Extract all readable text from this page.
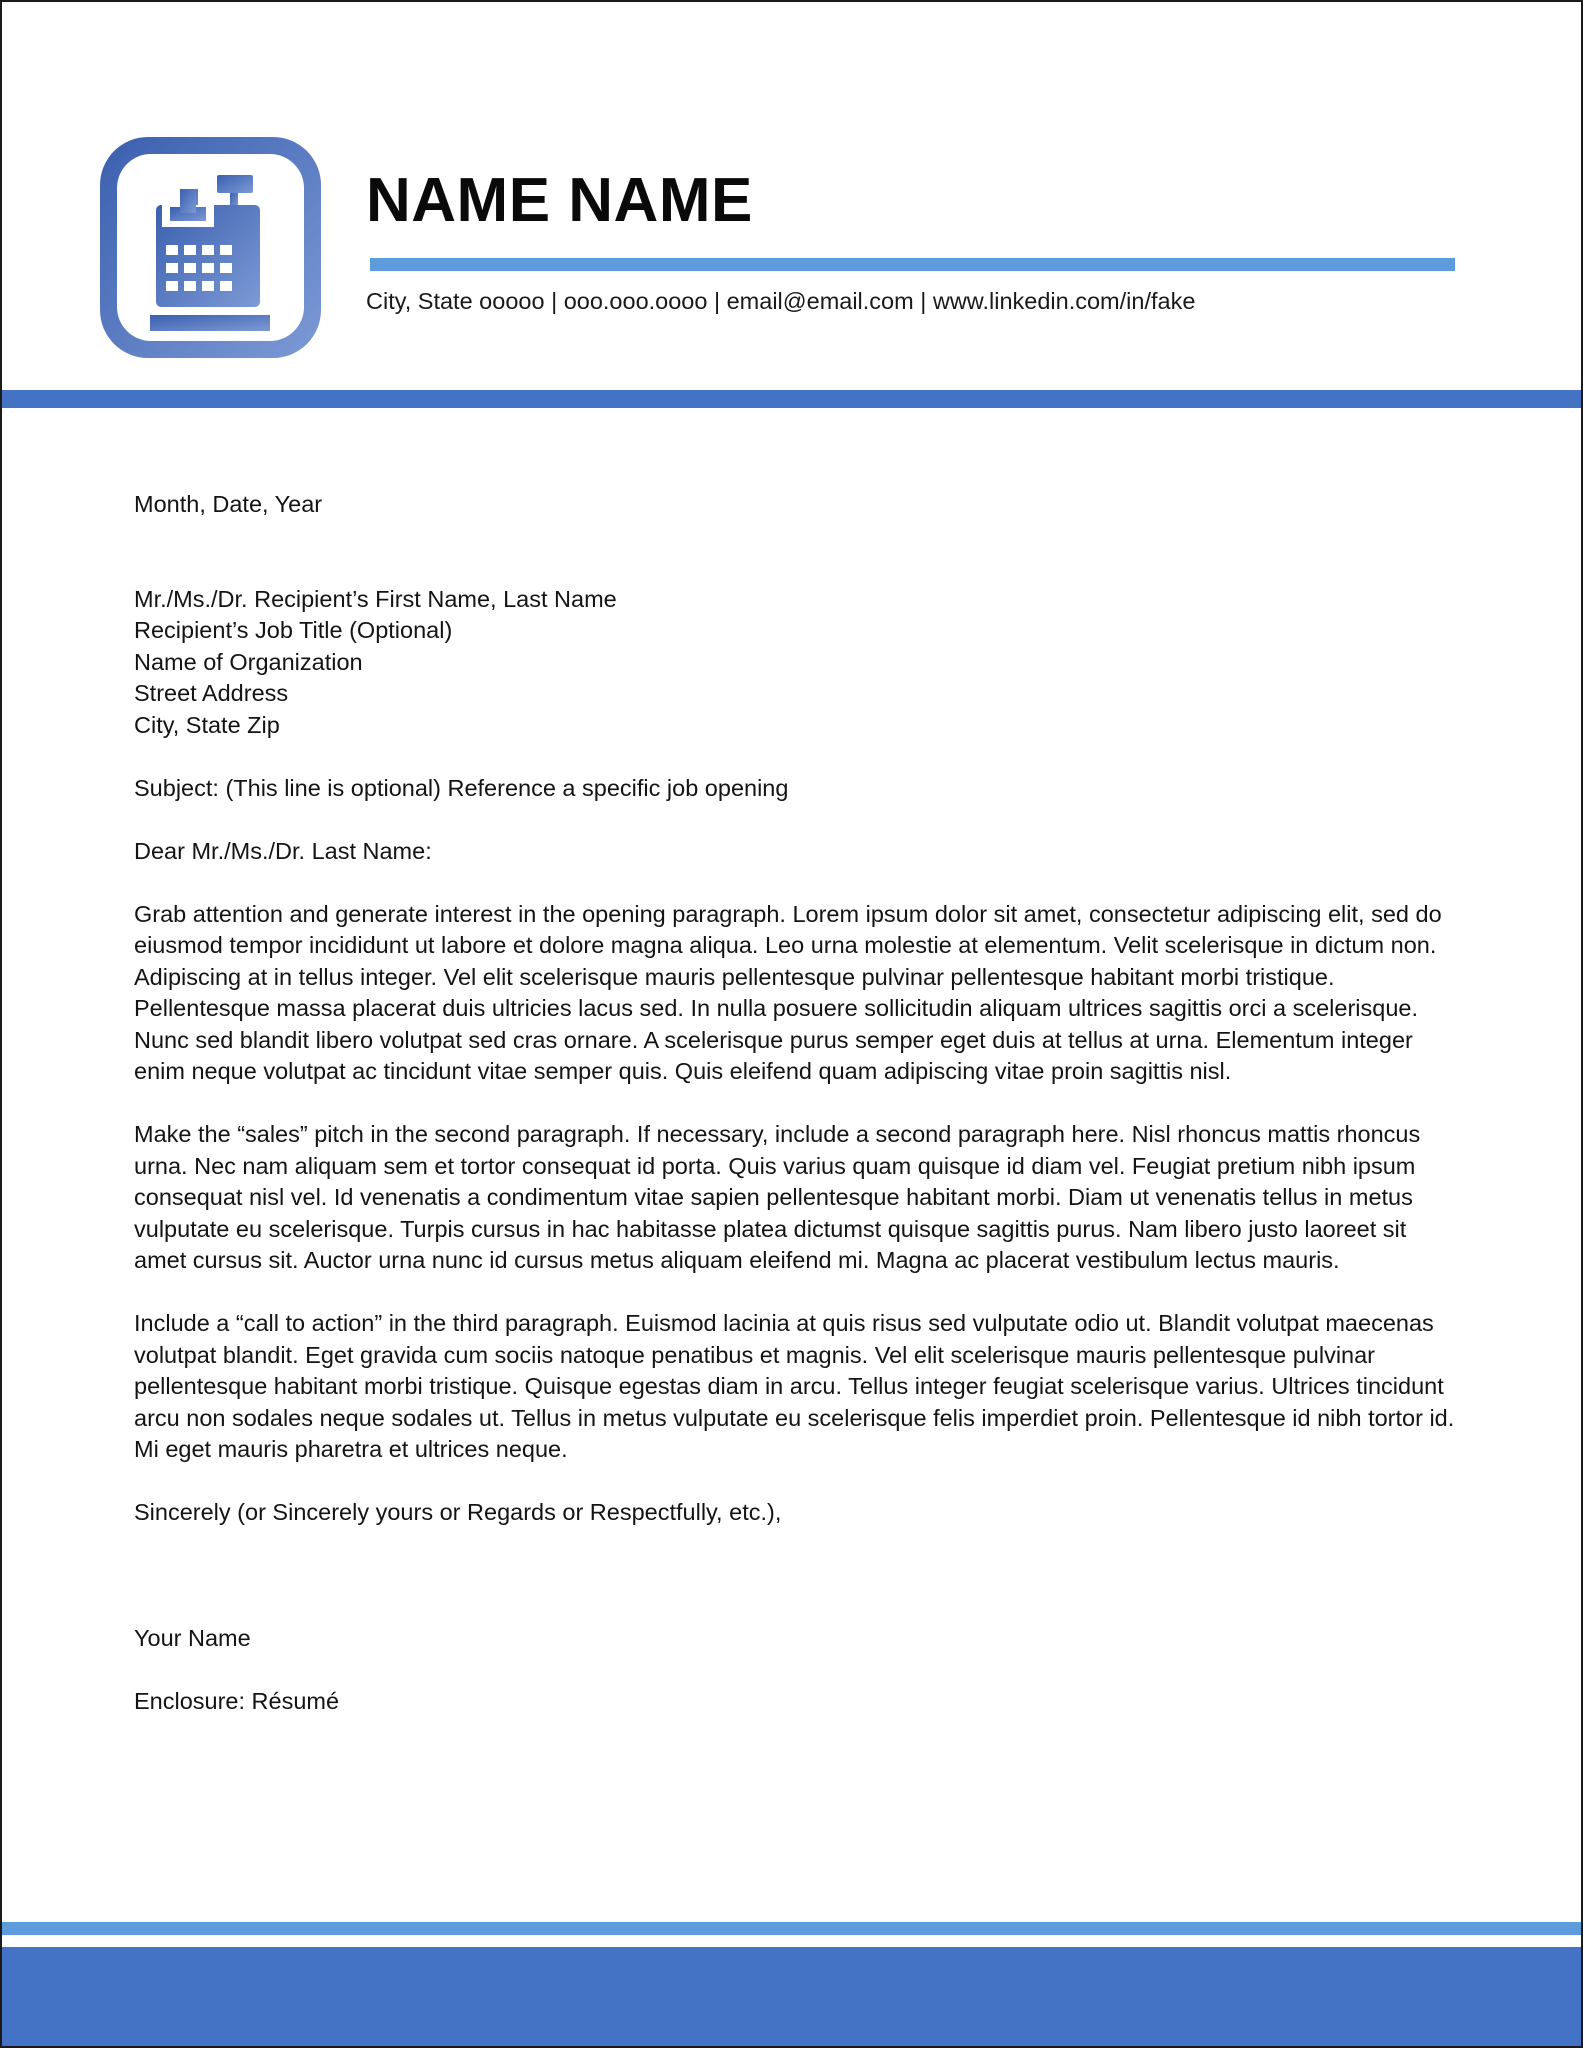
NAME NAME
City, State ooooo | ooo.ooo.oooo | email@email.com | www.linkedin.com/in/fake

Month, Date, Year

Mr./Ms./Dr. Recipient’s First Name, Last Name

Recipient’s Job Title (Optional)

Name of Organization

Street Address

City, State Zip

Subject: (This line is optional) Reference a specific job opening

Dear Mr./Ms./Dr. Last Name:

Grab attention and generate interest in the opening paragraph. Lorem ipsum dolor sit amet, consectetur adipiscing elit, sed do eiusmod tempor incididunt ut labore et dolore magna aliqua. Leo urna molestie at elementum. Velit scelerisque in dictum non. Adipiscing at in tellus integer. Vel elit scelerisque mauris pellentesque pulvinar pellentesque habitant morbi tristique. Pellentesque massa placerat duis ultricies lacus sed. In nulla posuere sollicitudin aliquam ultrices sagittis orci a scelerisque. Nunc sed blandit libero volutpat sed cras ornare. A scelerisque purus semper eget duis at tellus at urna. Elementum integer enim neque volutpat ac tincidunt vitae semper quis. Quis eleifend quam adipiscing vitae proin sagittis nisl.

Make the “sales” pitch in the second paragraph. If necessary, include a second paragraph here. Nisl rhoncus mattis rhoncus urna. Nec nam aliquam sem et tortor consequat id porta. Quis varius quam quisque id diam vel. Feugiat pretium nibh ipsum consequat nisl vel. Id venenatis a condimentum vitae sapien pellentesque habitant morbi. Diam ut venenatis tellus in metus vulputate eu scelerisque. Turpis cursus in hac habitasse platea dictumst quisque sagittis purus. Nam libero justo laoreet sit amet cursus sit. Auctor urna nunc id cursus metus aliquam eleifend mi. Magna ac placerat vestibulum lectus mauris.

Include a “call to action” in the third paragraph. Euismod lacinia at quis risus sed vulputate odio ut. Blandit volutpat maecenas volutpat blandit. Eget gravida cum sociis natoque penatibus et magnis. Vel elit scelerisque mauris pellentesque pulvinar pellentesque habitant morbi tristique. Quisque egestas diam in arcu. Tellus integer feugiat scelerisque varius. Ultrices tincidunt arcu non sodales neque sodales ut. Tellus in metus vulputate eu scelerisque felis imperdiet proin. Pellentesque id nibh tortor id. Mi eget mauris pharetra et ultrices neque.

Sincerely (or Sincerely yours or Regards or Respectfully, etc.),

Your Name

Enclosure: Résumé
